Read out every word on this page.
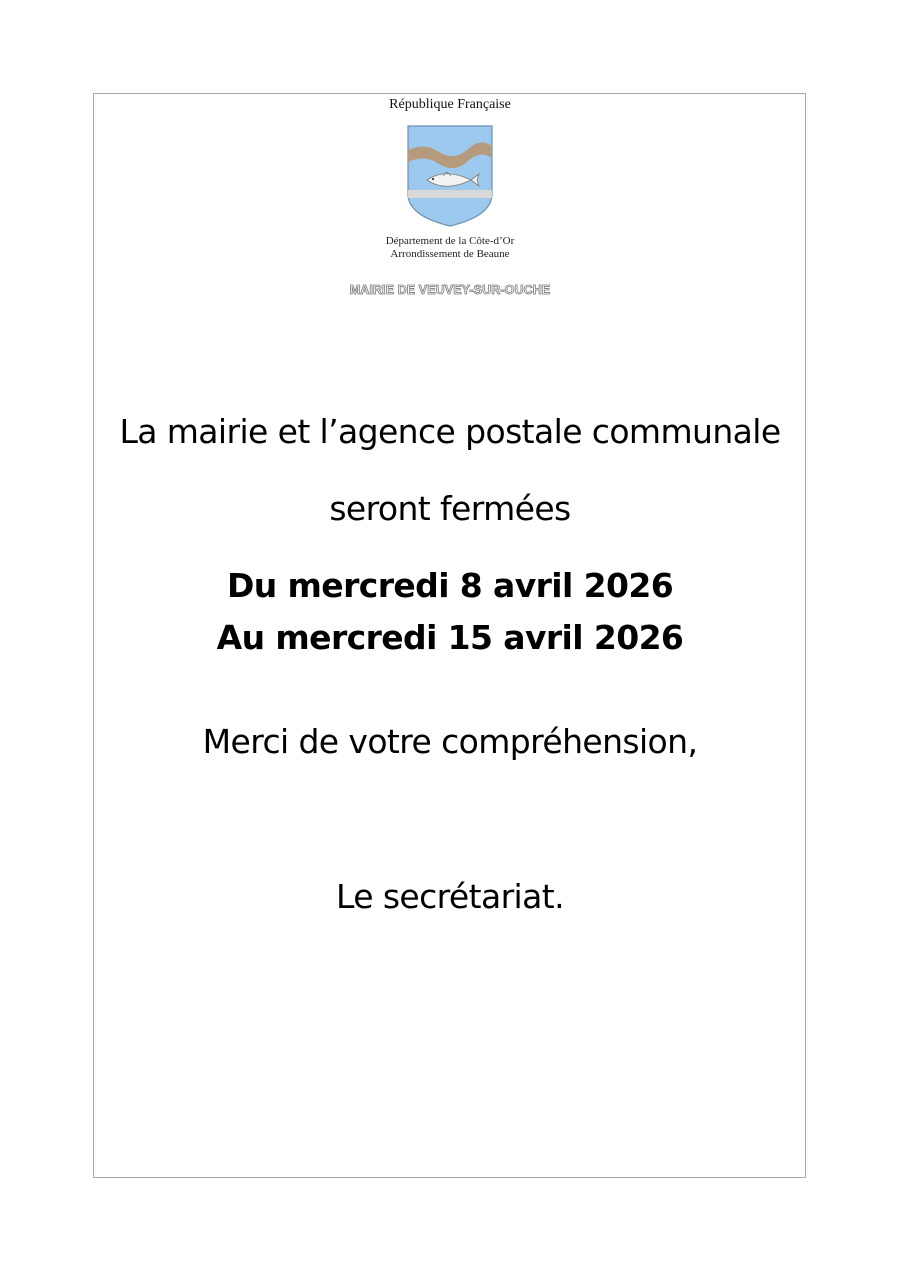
République Française
Département de la Côte-d’Or
Arrondissement de Beaune
MAIRIE DE VEUVEY-SUR-OUCHE
La mairie et l’agence postale communale
seront fermées
Du mercredi 8 avril 2026
Au mercredi 15 avril 2026
Merci de votre compréhension,
Le secrétariat.
